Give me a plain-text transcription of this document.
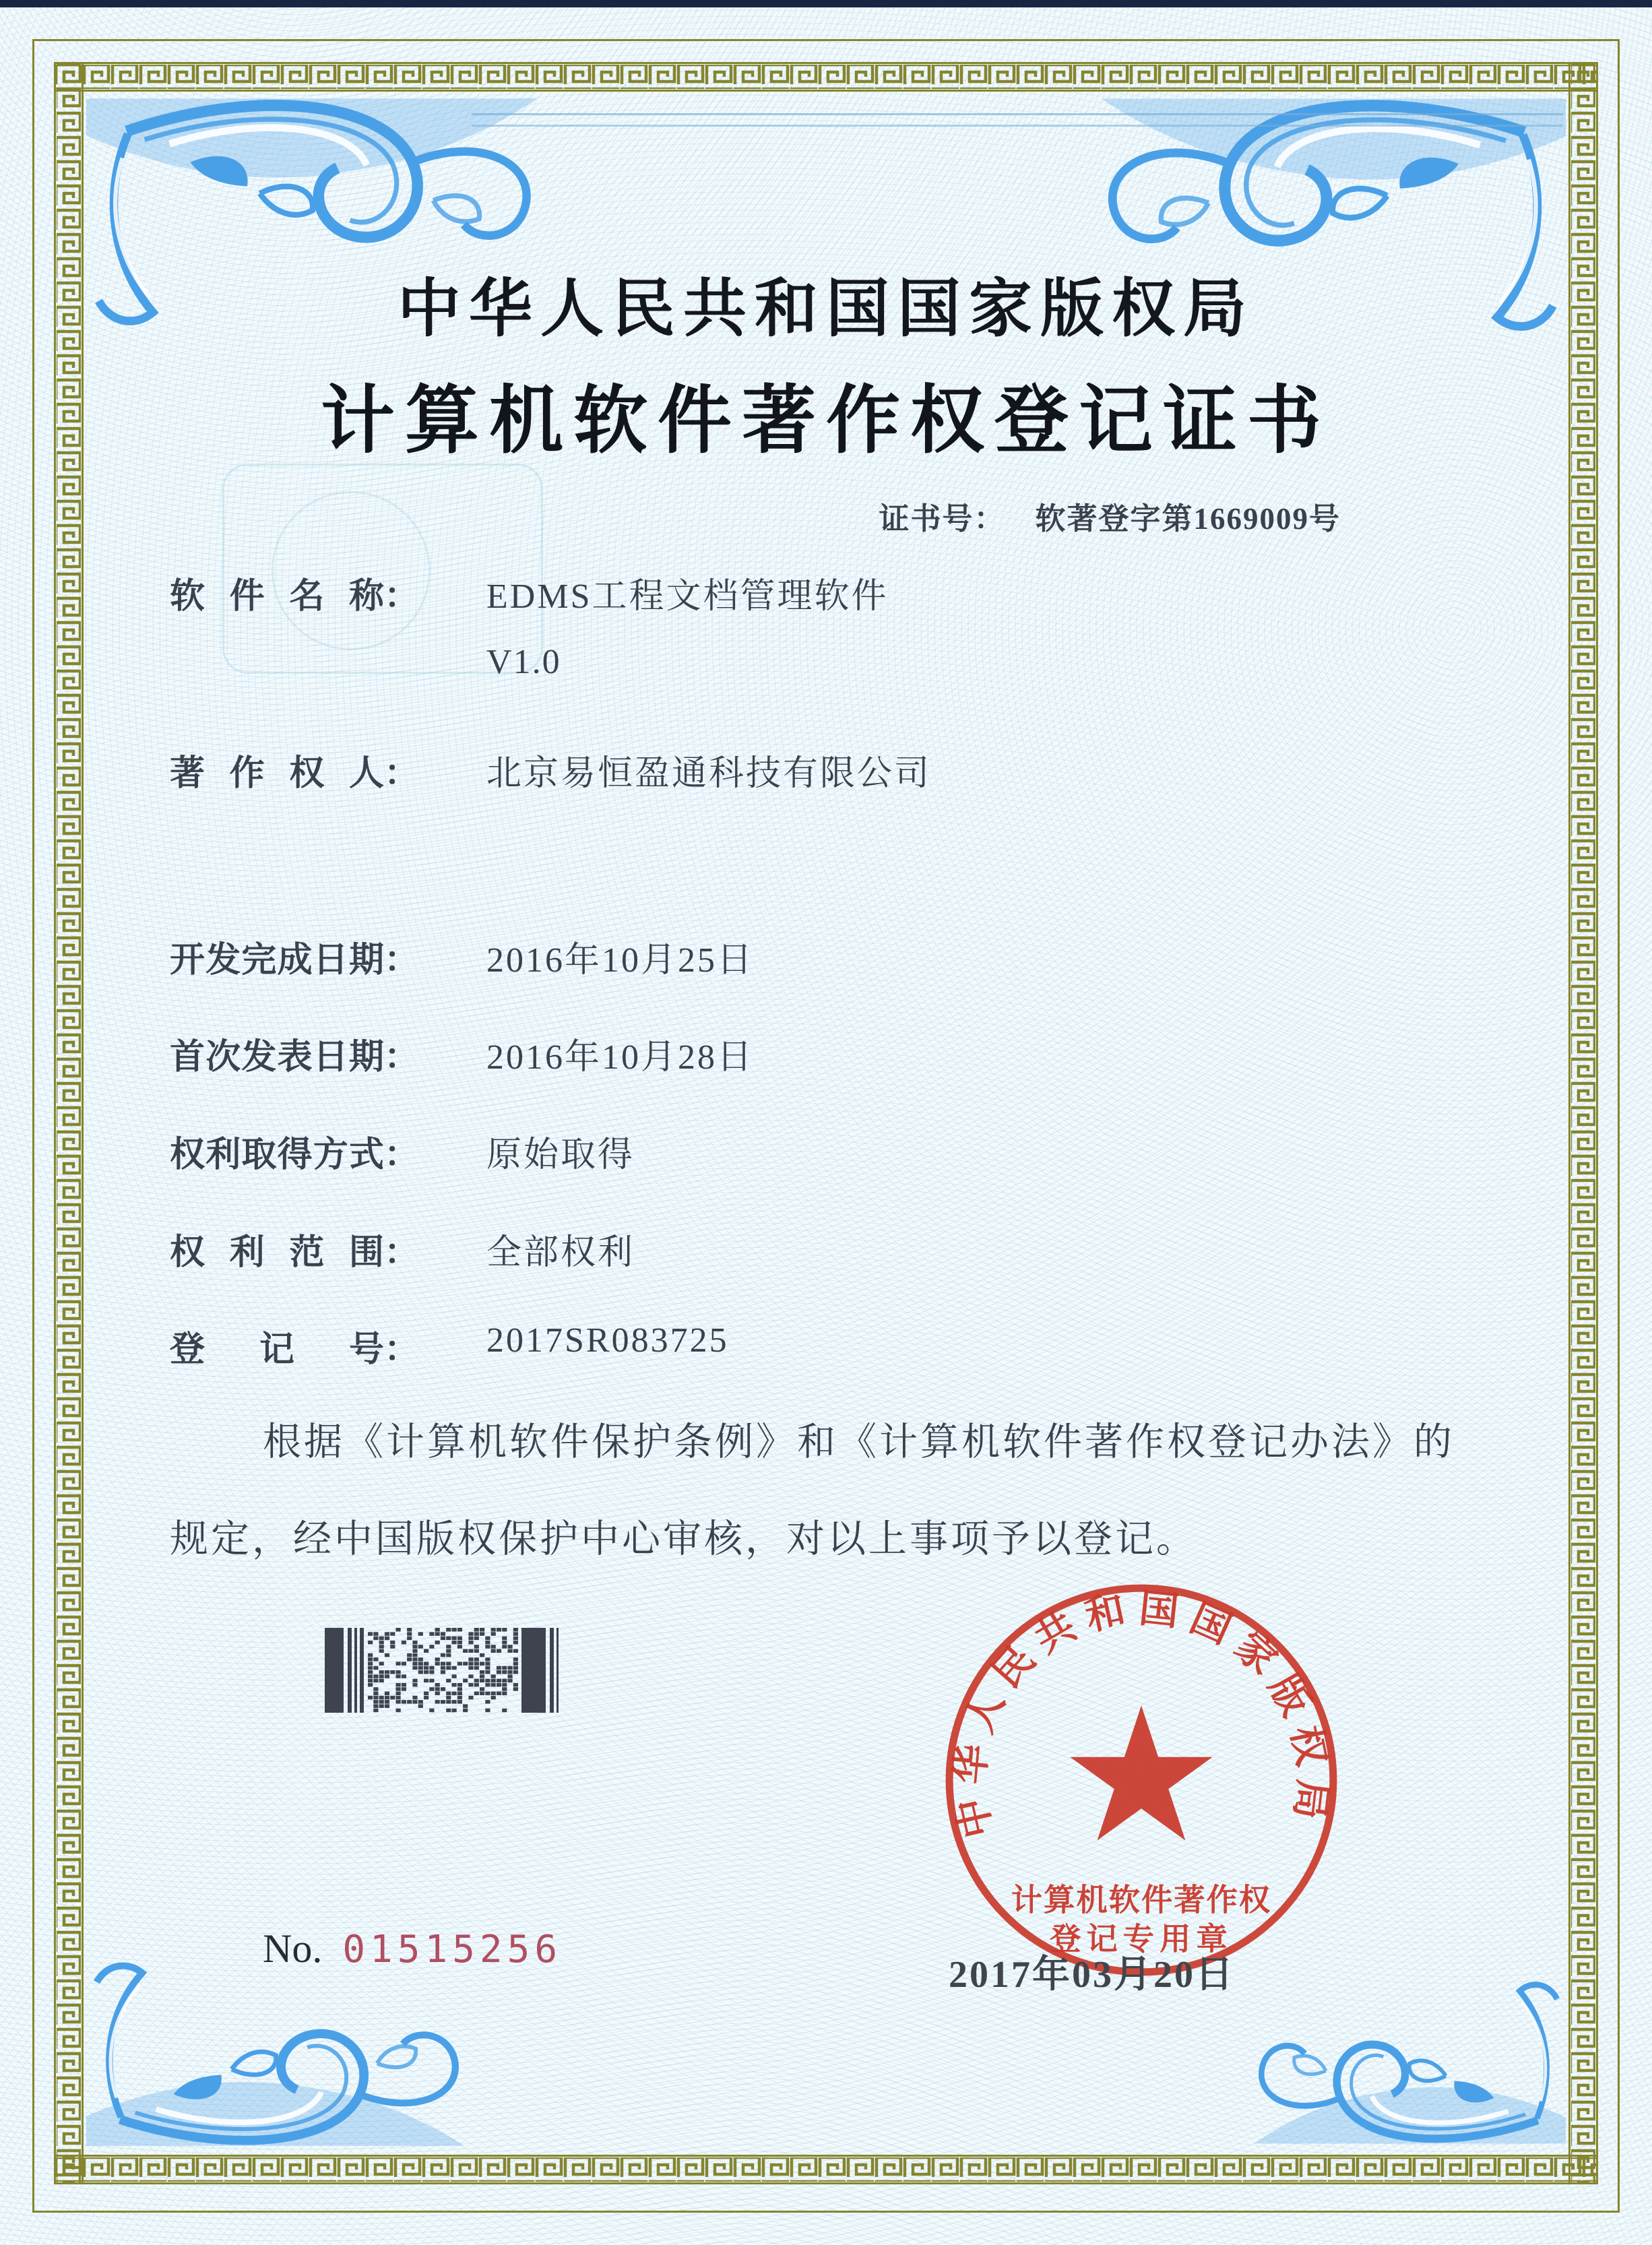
中华人民共和国国家版权局
计算机软件著作权登记证书
证书号： 软著登字第1669009号
软件名称 ： EDMS工程文档管理软件
V1.0
著作权人 ： 北京易恒盈通科技有限公司
开发完成日期 ： 2016年10月25日
首次发表日期 ： 2016年10月28日
权利取得方式 ： 原始取得
权利范围 ： 全部权利
登记号 ： 2017SR083725
根据《计算机软件保护条例》和《计算机软件著作权登记办法》的
规定，经中国版权保护中心审核，对以上事项予以登记。
中华人民共和国国家版权局
计算机软件著作权
登记专用章
2017年03月20日
No. 01515256
